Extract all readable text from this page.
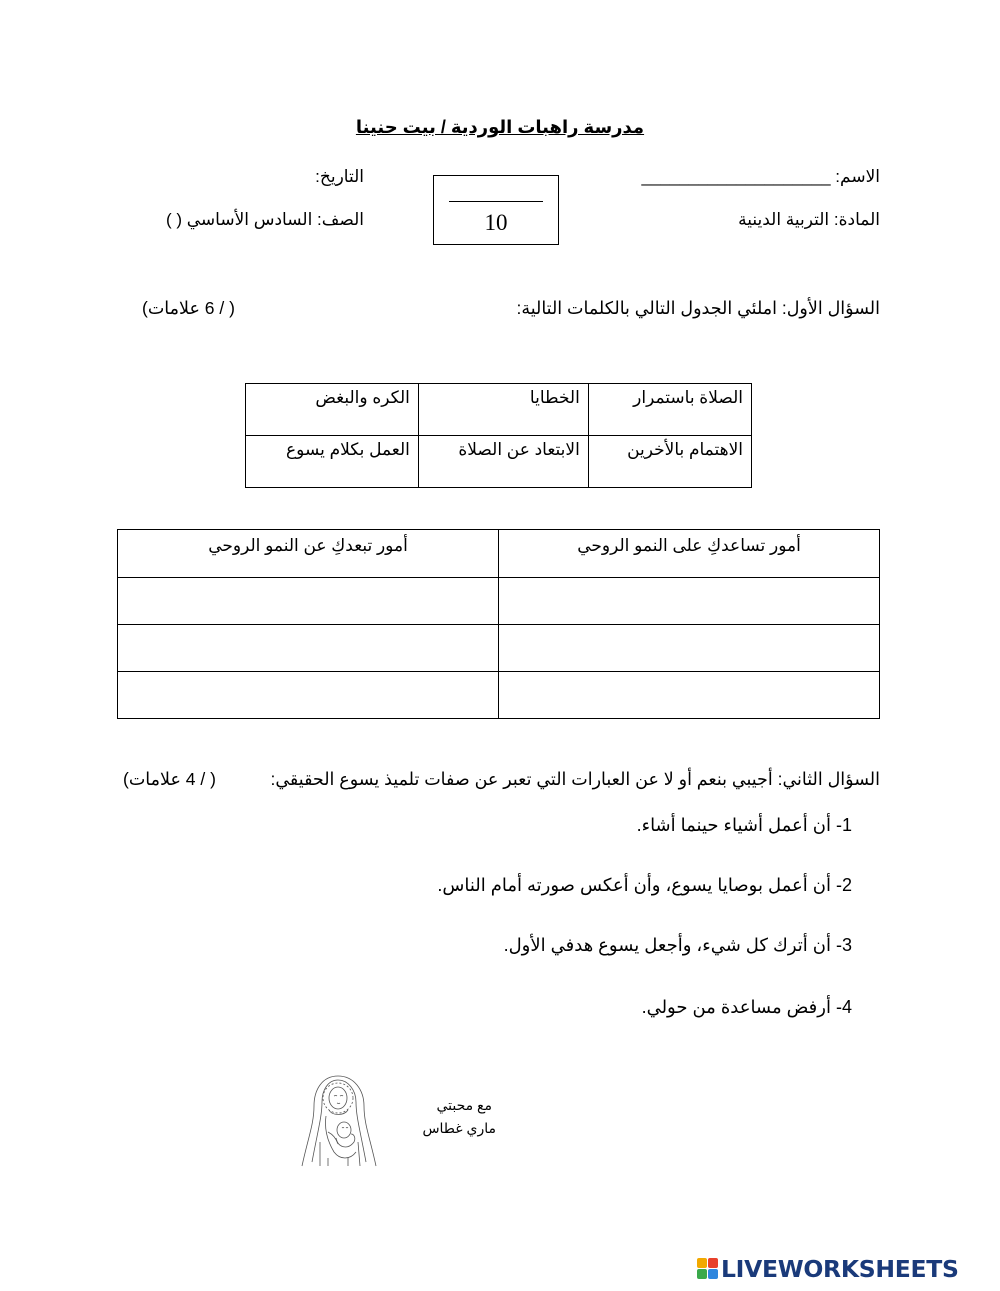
مدرسة راهبات الوردية / بيت حنينا
الاسم: ____________________
التاريخ:
المادة: التربية الدينية
الصف: السادس الأساسي ( )	10
السؤال الأول: املئي الجدول التالي بالكلمات التالية:
( / 6 علامات)
الصلاة باستمرار	الخطايا	الكره والبغض
الاهتمام بالأخرين	الابتعاد عن الصلاة	العمل بكلام يسوع
أمور تساعدكِ على النمو الروحي	أمور تبعدكِ عن النمو الروحي

السؤال الثاني: أجيبي بنعم أو لا عن العبارات التي تعبر عن صفات تلميذ يسوع الحقيقي:
( / 4 علامات)
1- أن أعمل أشياء حينما أشاء.
2- أن أعمل بوصايا يسوع، وأن أعكس صورته أمام الناس.
3- أن أترك كل شيء، وأجعل يسوع هدفي الأول.
4- أرفض مساعدة من حولي.
مع محبتي
ماري غطاس
LIVEWORKSHEETS
